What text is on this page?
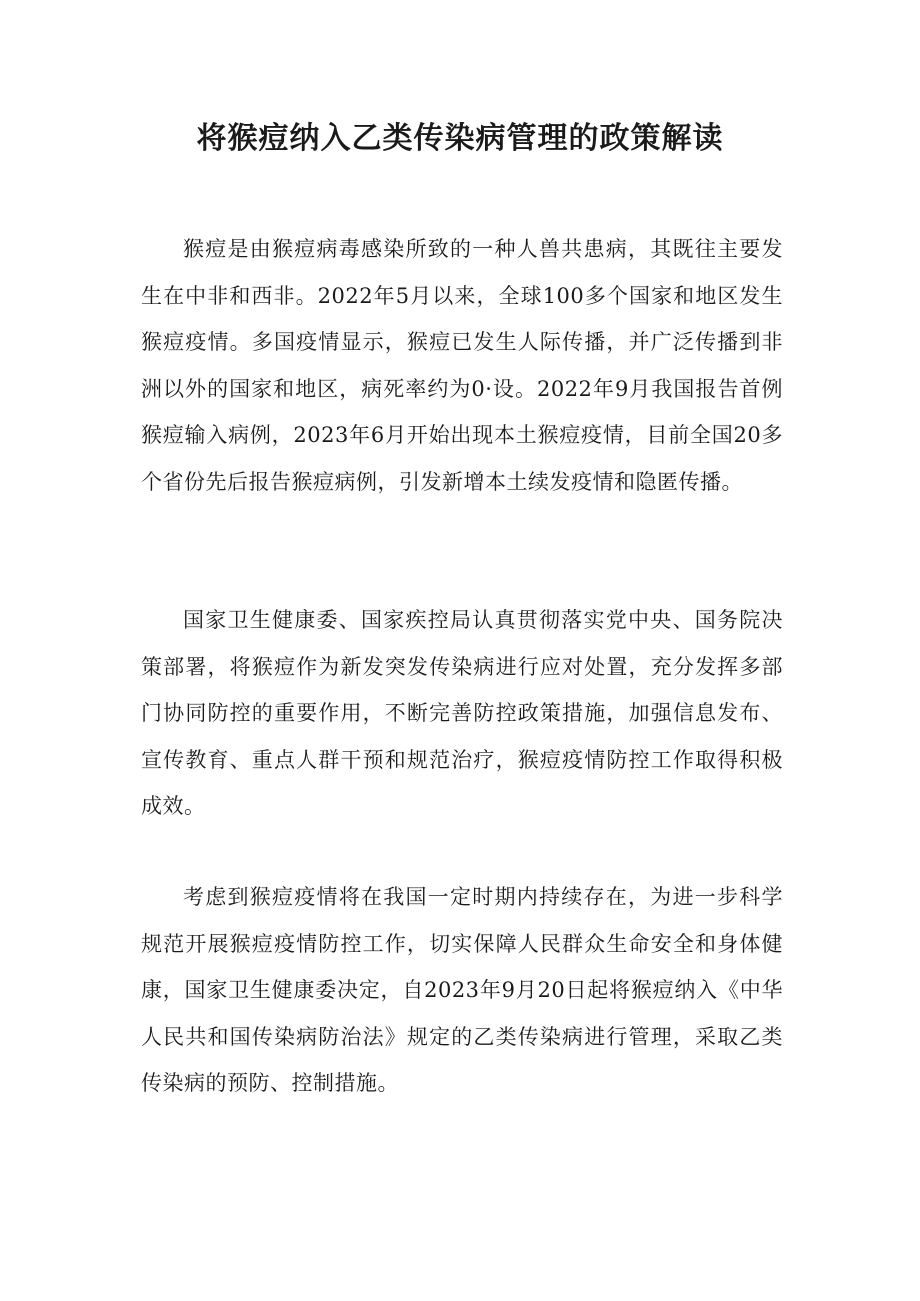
将猴痘纳入乙类传染病管理的政策解读

猴痘是由猴痘病毒感染所致的一种人兽共患病，其既往主要发生在中非和西非。2022年5月以来，全球100多个国家和地区发生猴痘疫情。多国疫情显示，猴痘已发生人际传播，并广泛传播到非洲以外的国家和地区，病死率约为0·设。2022年9月我国报告首例猴痘输入病例，2023年6月开始出现本土猴痘疫情，目前全国20多个省份先后报告猴痘病例，引发新增本土续发疫情和隐匿传播。

国家卫生健康委、国家疾控局认真贯彻落实党中央、国务院决策部署，将猴痘作为新发突发传染病进行应对处置，充分发挥多部门协同防控的重要作用，不断完善防控政策措施，加强信息发布、宣传教育、重点人群干预和规范治疗，猴痘疫情防控工作取得积极成效。

考虑到猴痘疫情将在我国一定时期内持续存在，为进一步科学规范开展猴痘疫情防控工作，切实保障人民群众生命安全和身体健康，国家卫生健康委决定，自2023年9月20日起将猴痘纳入《中华人民共和国传染病防治法》规定的乙类传染病进行管理，采取乙类传染病的预防、控制措施。
